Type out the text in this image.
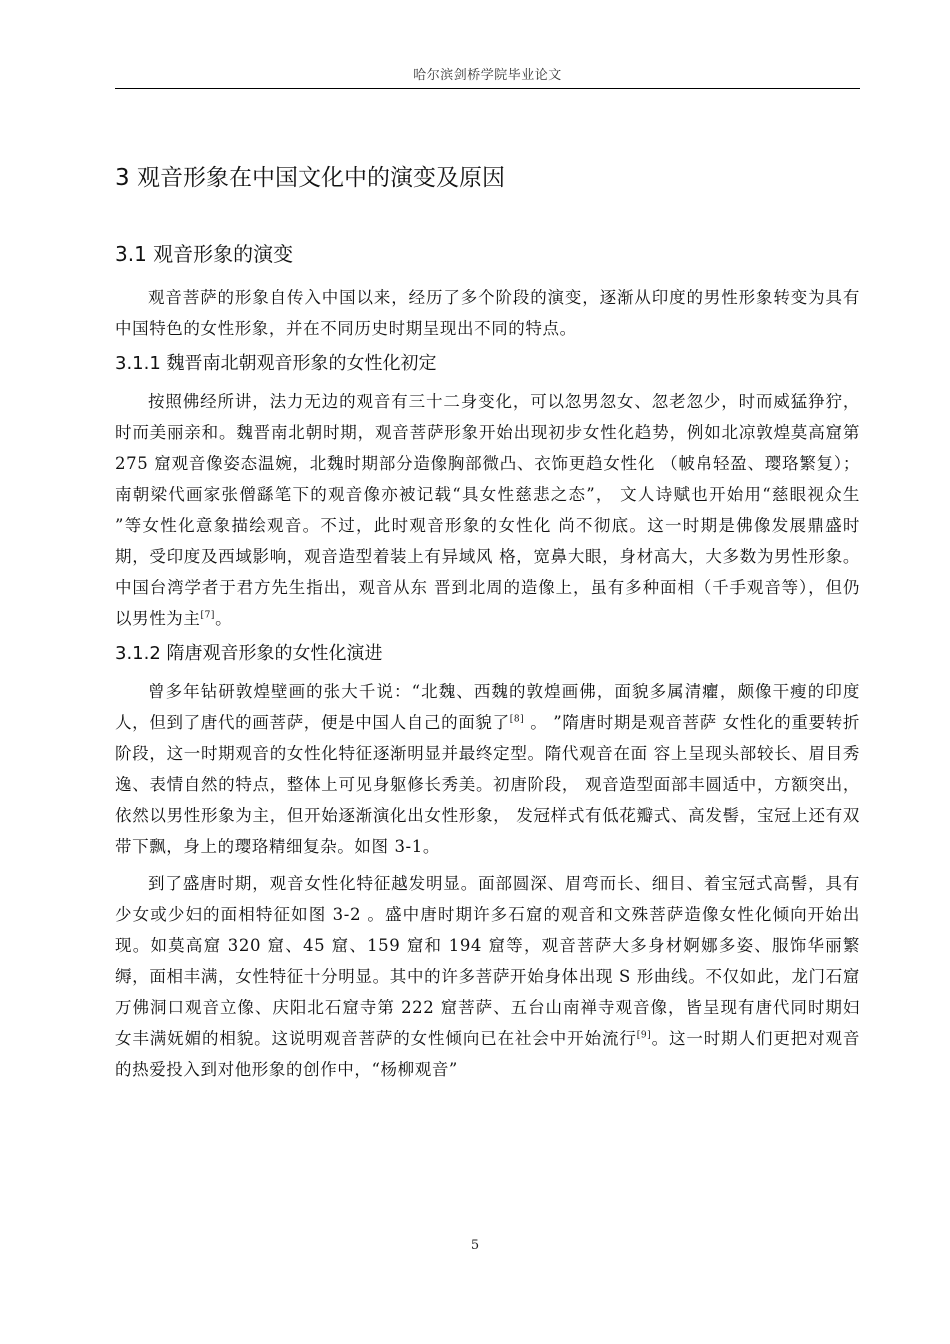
哈尔滨剑桥学院毕业论文
3 观音形象在中国文化中的演变及原因
3.1 观音形象的演变

观音菩萨的形象自传入中国以来，经历了多个阶段的演变，逐渐从印度的男性形象转变为具有中国特色的女性形象，并在不同历史时期呈现出不同的特点。

3.1.1 魏晋南北朝观音形象的女性化初定

按照佛经所讲，法力无边的观音有三十二身变化，可以忽男忽女、忽老忽少，时而威猛狰狞，时而美丽亲和。魏晋南北朝时期，观音菩萨形象开始出现初步女性化趋势，例如北凉敦煌莫高窟第 275 窟观音像姿态温婉，北魏时期部分造像胸部微凸、衣饰更趋女性化 （帔帛轻盈、璎珞繁复）；南朝梁代画家张僧繇笔下的观音像亦被记载“具女性慈悲之态”， 文人诗赋也开始用“慈眼视众生 ”等女性化意象描绘观音。不过，此时观音形象的女性化 尚不彻底。这一时期是佛像发展鼎盛时期，受印度及西域影响，观音造型着装上有异域风 格，宽鼻大眼，身材高大，大多数为男性形象。中国台湾学者于君方先生指出，观音从东 晋到北周的造像上，虽有多种面相（千手观音等），但仍以男性为主[7]。

3.1.2 隋唐观音形象的女性化演进

曾多年钻研敦煌壁画的张大千说：“北魏、西魏的敦煌画佛，面貌多属清癯，颇像干瘦的印度人，但到了唐代的画菩萨，便是中国人自己的面貌了[8] 。 ”隋唐时期是观音菩萨 女性化的重要转折阶段，这一时期观音的女性化特征逐渐明显并最终定型。隋代观音在面 容上呈现头部较长、眉目秀逸、表情自然的特点，整体上可见身躯修长秀美。初唐阶段， 观音造型面部丰圆适中，方额突出，依然以男性形象为主，但开始逐渐演化出女性形象， 发冠样式有低花瓣式、高发髻，宝冠上还有双带下飘，身上的璎珞精细复杂。如图 3-1。

到了盛唐时期，观音女性化特征越发明显。面部圆深、眉弯而长、细目、着宝冠式高髻，具有少女或少妇的面相特征如图 3-2 。盛中唐时期许多石窟的观音和文殊菩萨造像女性化倾向开始出现。如莫高窟 320 窟、45 窟、159 窟和 194 窟等，观音菩萨大多身材婀娜多姿、服饰华丽繁缛，面相丰满，女性特征十分明显。其中的许多菩萨开始身体出现 S 形曲线。不仅如此，龙门石窟万佛洞口观音立像、庆阳北石窟寺第 222 窟菩萨、五台山南禅寺观音像，皆呈现有唐代同时期妇女丰满妩媚的相貌。这说明观音菩萨的女性倾向已在社会中开始流行[9]。这一时期人们更把对观音的热爱投入到对他形象的创作中，“杨柳观音”

5
